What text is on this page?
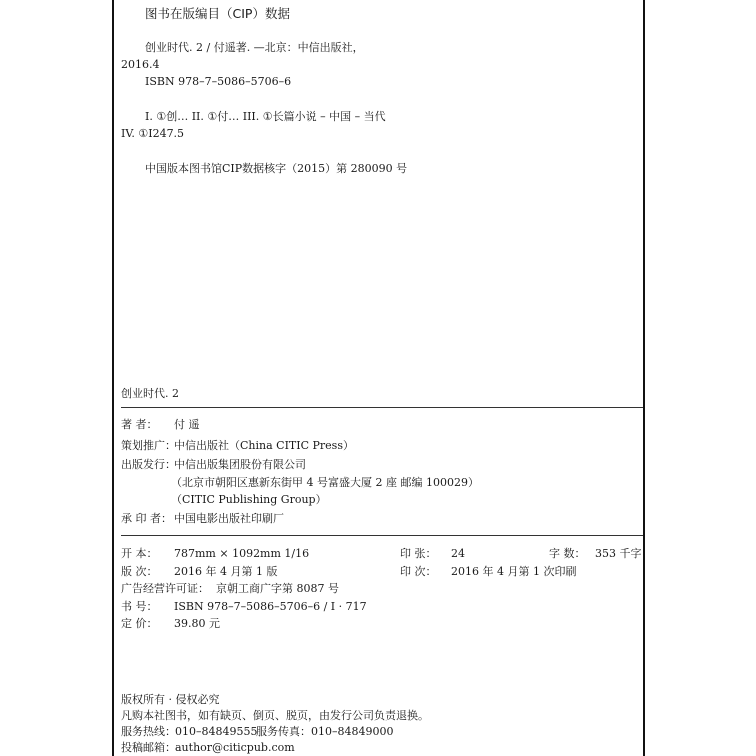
图书在版编目（CIP）数据
创业时代. 2 / 付遥著. —北京：中信出版社，
2016.4
ISBN 978–7–5086–5706–6
I. ①创… II. ①付… III. ①长篇小说 – 中国 – 当代
IV. ①I247.5
中国版本图书馆CIP数据核字（2015）第 280090 号
创业时代. 2
著 者： 付 遥
策划推广：
中信出版社（China CITIC Press）
出版发行：
中信出版集团股份有限公司
（北京市朝阳区惠新东街甲 4 号富盛大厦 2 座 邮编 100029）
（CITIC Publishing Group）
承 印 者： 中国电影出版社印刷厂
开 本： 787mm × 1092mm 1/16	印 张： 24	字 数： 353 千字
版 次： 2016 年 4 月第 1 版	印 次： 2016 年 4 月第 1 次印刷
广告经营许可证： 京朝工商广字第 8087 号
书 号： ISBN 978–7–5086–5706–6 / I · 717
定 价： 39.80 元
版权所有 · 侵权必究
凡购本社图书，如有缺页、倒页、脱页，由发行公司负责退换。
服务热线： 010–84849555
服务传真： 010–84849000
投稿邮箱： author@citicpub.com
